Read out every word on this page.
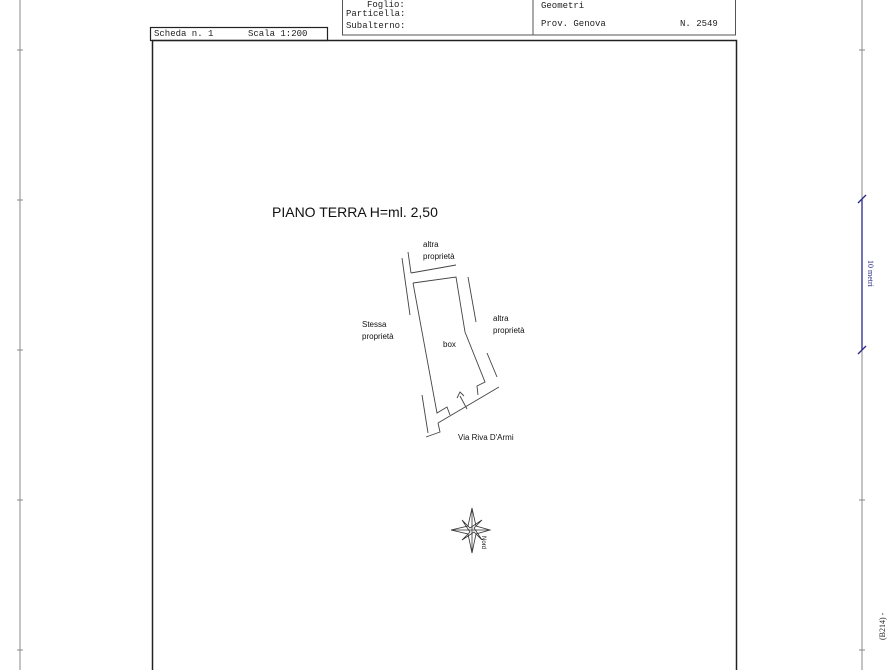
Foglio:
Particella:
Subalterno:
Geometri
Prov. Genova	N. 2549
Scheda n. 1	Scala 1:200
PIANO TERRA H=ml. 2,50
altra
proprietà
altra
proprietà
Stessa
proprietà
box
Via Riva D'Armi
Nord
10 metri
(B214) -
